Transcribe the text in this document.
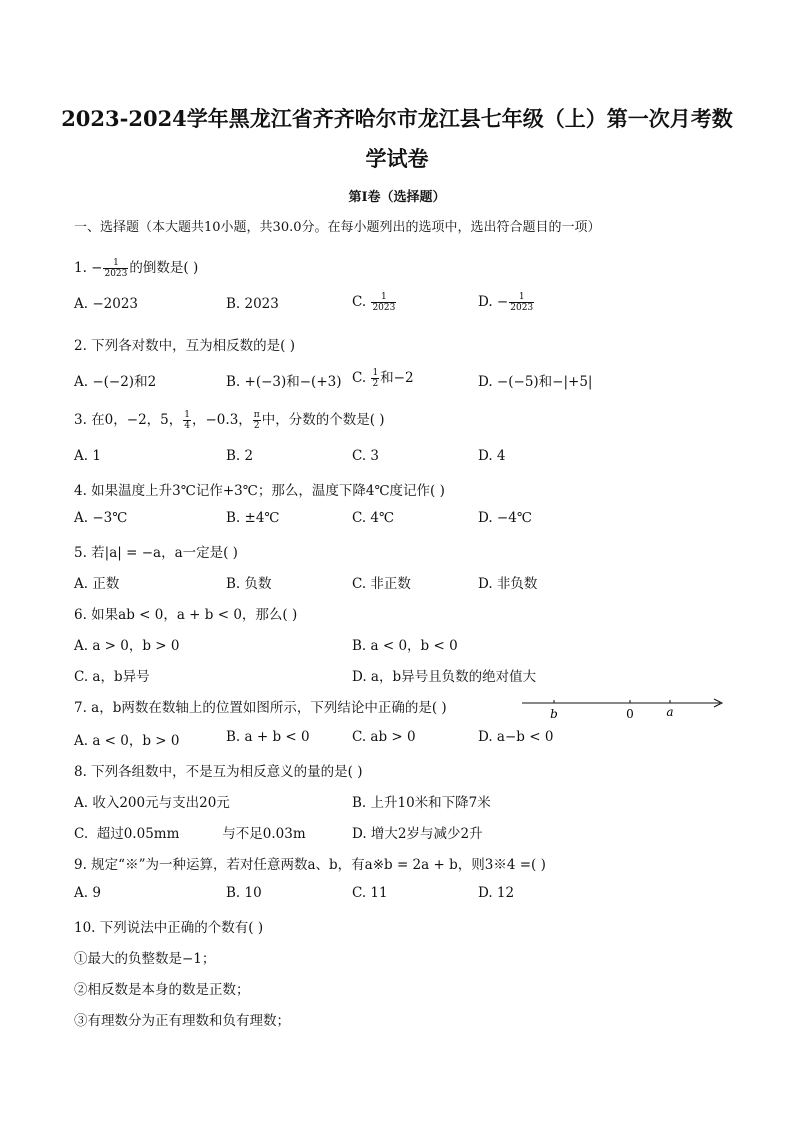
2023-2024学年黑龙江省齐齐哈尔市龙江县七年级（上）第一次月考数
学试卷
第I卷（选择题）
一、选择题（本大题共10小题，共30.0分。在每小题列出的选项中，选出符合题目的一项）
1. − $\frac{1}{2023}$ 的倒数是( )
A. −2023	B. 2023	C. $\frac{1}{2023}$	D. − $\frac{1}{2023}$
2. 下列各对数中，互为相反数的是( )
A. −(−2)和2	B. +(−3)和−(+3) C. $\frac{1}{2}$ 和−2	D. −(−5)和−|+5|
3. 在0，−2，5， $\frac{1}{4}$ ，−0.3， $\frac{\pi}{2}$ 中，分数的个数是( )
A. 1	B. 2	C. 3	D. 4
4. 如果温度上升3℃记作+3℃；那么，温度下降4℃度记作( )
A. −3℃	B. ±4℃	C. 4℃	D. −4℃
5. 若|a| = −a，a一定是( )
A. 正数	B. 负数	C. 非正数	D. 非负数
6. 如果ab < 0，a + b < 0，那么( )
A. a > 0，b > 0	B. a < 0，b < 0
C. a，b异号	D. a，b异号且负数的绝对值大
7. a，b两数在数轴上的位置如图所示，下列结论中正确的是( )	b	0	a
A. a < 0，b > 0	B. a + b < 0	C. ab > 0	D. a−b < 0
8. 下列各组数中，不是互为相反意义的量的是( )
A. 收入200元与支出20元	B. 上升10米和下降7米
C.  超过0.05mm          与不足0.03m	D. 增大2岁与减少2升
9. 规定“※”为一种运算，若对任意两数a、b，有a※b = 2a + b，则3※4 =( )
A. 9	B. 10	C. 11	D. 12
10. 下列说法中正确的个数有( )
①最大的负整数是−1；
②相反数是本身的数是正数；
③有理数分为正有理数和负有理数；
